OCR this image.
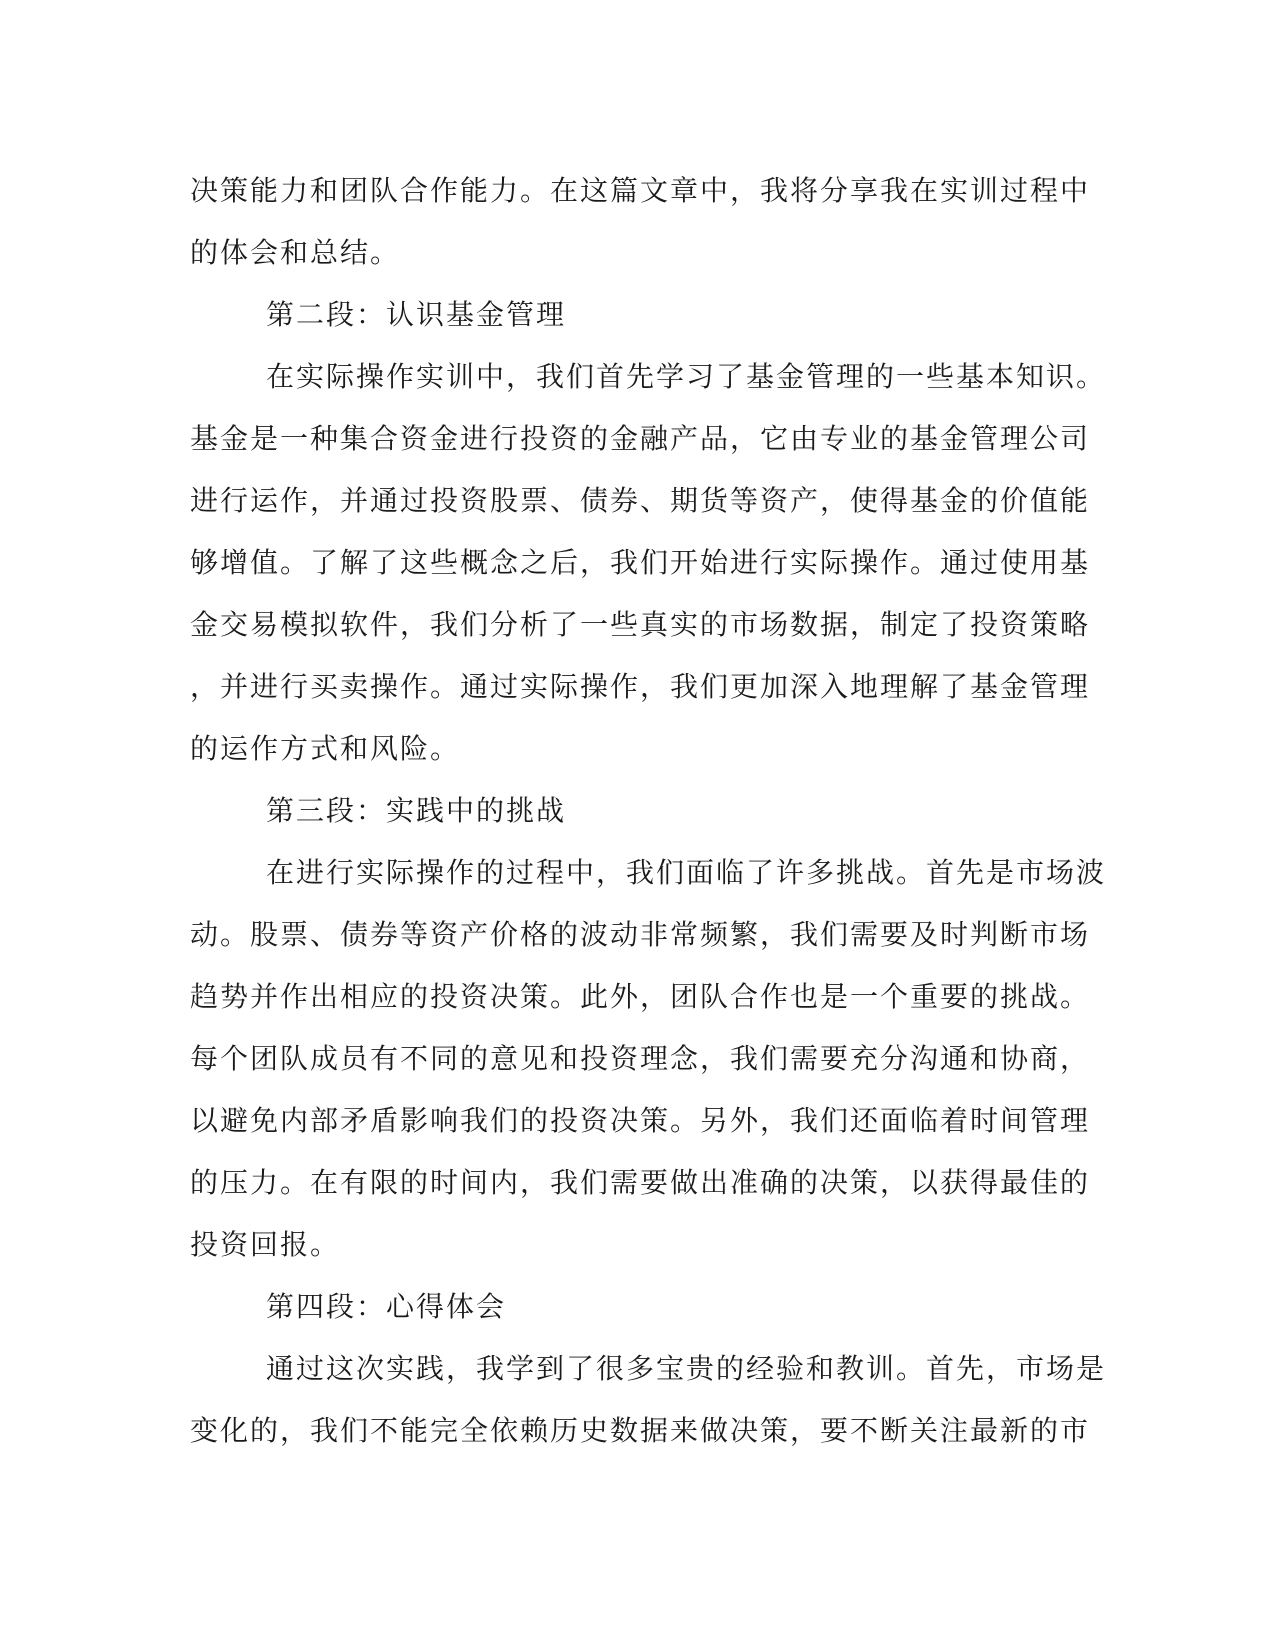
决策能力和团队合作能力。在这篇文章中，我将分享我在实训过程中
的体会和总结。
第二段：认识基金管理
在实际操作实训中，我们首先学习了基金管理的一些基本知识。
基金是一种集合资金进行投资的金融产品，它由专业的基金管理公司
进行运作，并通过投资股票、债券、期货等资产，使得基金的价值能
够增值。了解了这些概念之后，我们开始进行实际操作。通过使用基
金交易模拟软件，我们分析了一些真实的市场数据，制定了投资策略
，并进行买卖操作。通过实际操作，我们更加深入地理解了基金管理
的运作方式和风险。
第三段：实践中的挑战
在进行实际操作的过程中，我们面临了许多挑战。首先是市场波
动。股票、债券等资产价格的波动非常频繁，我们需要及时判断市场
趋势并作出相应的投资决策。此外，团队合作也是一个重要的挑战。
每个团队成员有不同的意见和投资理念，我们需要充分沟通和协商，
以避免内部矛盾影响我们的投资决策。另外，我们还面临着时间管理
的压力。在有限的时间内，我们需要做出准确的决策，以获得最佳的
投资回报。
第四段：心得体会
通过这次实践，我学到了很多宝贵的经验和教训。首先，市场是
变化的，我们不能完全依赖历史数据来做决策，要不断关注最新的市
